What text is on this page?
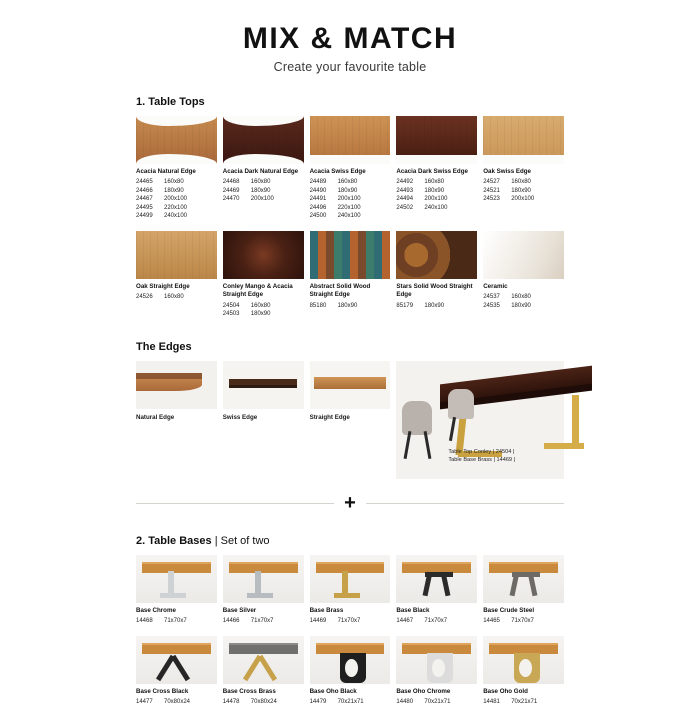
MIX & MATCH
Create your favourite table
1. Table Tops
Acacia Natural Edge
24465	160x80
24466	180x90
24467	200x100
24495	220x100
24499	240x100
Acacia Dark Natural Edge
24468	160x80
24469	180x90
24470	200x100
Acacia Swiss Edge
24489	160x80
24490	180x90
24491	200x100
24496	220x100
24500	240x100
Acacia Dark Swiss Edge
24492	160x80
24493	180x90
24494	200x100
24502	240x100
Oak Swiss Edge
24527	160x80
24521	180x90
24523	200x100
Oak Straight Edge
24526	160x80
Conley Mango & Acacia Straight Edge
24504	160x80
24503	180x90
Abstract Solid Wood Straight Edge
85180	180x90
Stars Solid Wood Straight Edge
85179	180x90
Ceramic
24537	160x80
24535	180x90
The Edges
Natural Edge	Swiss Edge	Straight Edge
Table Top Conley | 24504 |
Table Base Brass | 14469 |
+
2. Table Bases | Set of two
Base Chrome
14468	71x70x7
Base Silver
14466	71x70x7
Base Brass
14469	71x70x7
Base Black
14467	71x70x7
Base Crude Steel
14465	71x70x7
Base Cross Black
14477	70x80x24
Base Cross Brass
14478	70x80x24
Base Oho Black
14479	70x21x71
Base Oho Chrome
14480	70x21x71
Base Oho Gold
14481	70x21x71
